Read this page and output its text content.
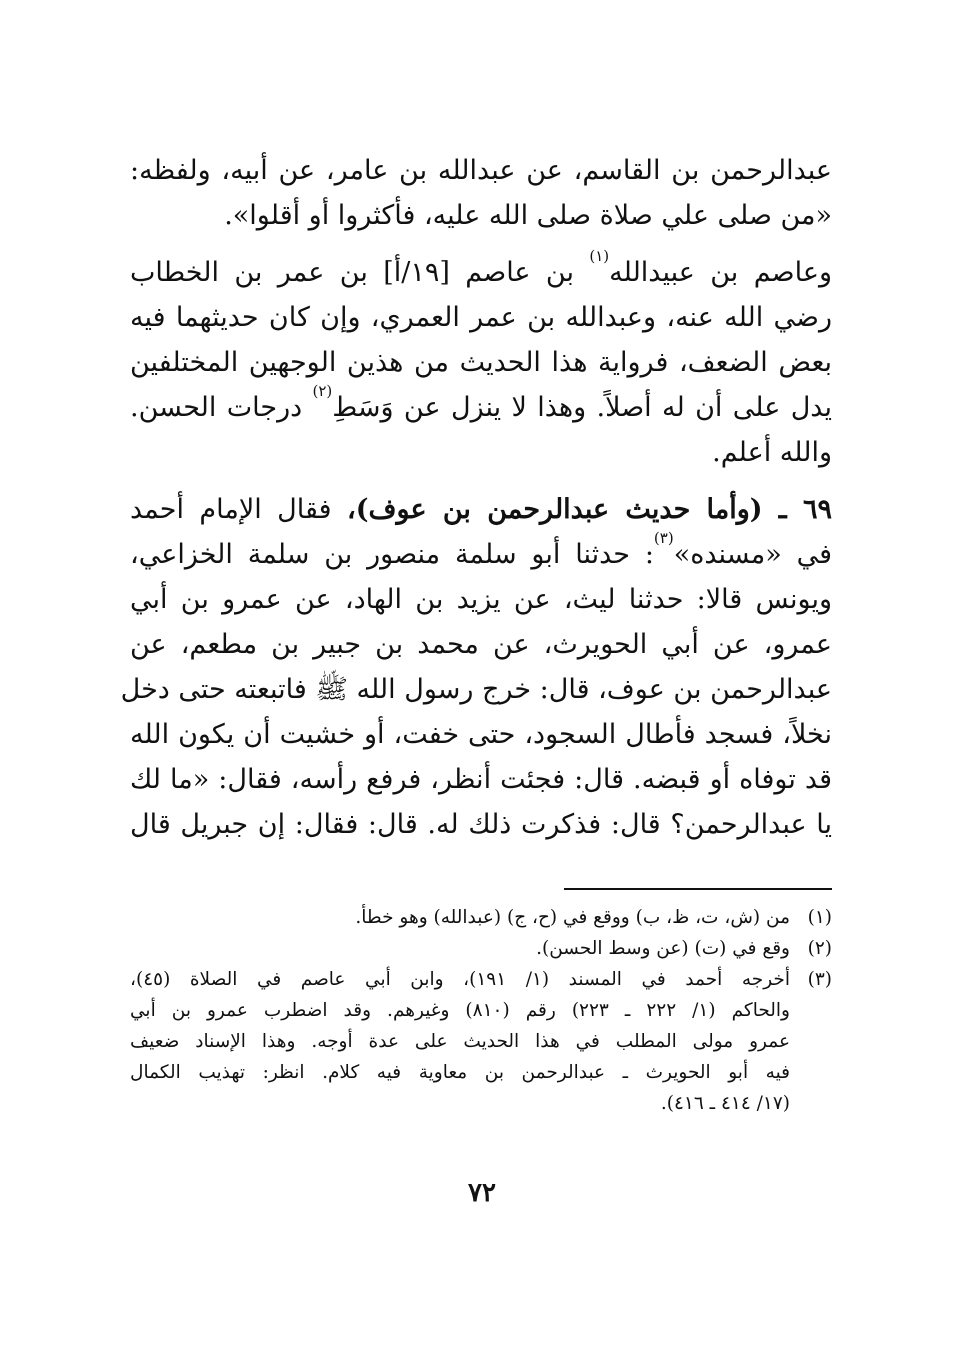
عبدالرحمن بن القاسم، عن عبدالله بن عامر، عن أبيه، ولفظه:
«من صلى علي صلاة صلى الله عليه، فأكثروا أو أقلوا».

وعاصم بن عبيدالله$^{(١)}$ بن عاصم [١٩/أ] بن عمر بن الخطاب
رضي الله عنه، وعبدالله بن عمر العمري، وإن كان حديثهما فيه
بعض الضعف، فرواية هذا الحديث من هذين الوجهين المختلفين
يدل على أن له أصلاً. وهذا لا ينزل عن وَسَطِ$^{(٢)}$ درجات الحسن.
والله أعلم.

٦٩ ـ (وأما حديث عبدالرحمن بن عوف)، فقال الإمام أحمد
في «مسنده»$^{(٣)}$: حدثنا أبو سلمة منصور بن سلمة الخزاعي،
ويونس قالا: حدثنا ليث، عن يزيد بن الهاد، عن عمرو بن أبي
عمرو، عن أبي الحويرث، عن محمد بن جبير بن مطعم، عن
عبدالرحمن بن عوف، قال: خرج رسول الله ﷺ فاتبعته حتى دخل
نخلاً، فسجد فأطال السجود، حتى خفت، أو خشيت أن يكون الله
قد توفاه أو قبضه. قال: فجئت أنظر، فرفع رأسه، فقال: «ما لك
يا عبدالرحمن؟ قال: فذكرت ذلك له. قال: فقال: إن جبريل قال

(١)
من (ش، ت، ظ، ب) ووقع في (ح، ج) (عبدالله) وهو خطأ.
(٢)
وقع في (ت) (عن وسط الحسن).
(٣)
أخرجه أحمد في المسند (١/ ١٩١)، وابن أبي عاصم في الصلاة (٤٥)،
والحاكم (١/ ٢٢٢ ـ ٢٢٣) رقم (٨١٠) وغيرهم. وقد اضطرب عمرو بن أبي
عمرو مولى المطلب في هذا الحديث على عدة أوجه. وهذا الإسناد ضعيف
فيه أبو الحويرث ـ عبدالرحمن بن معاوية فيه كلام. انظر: تهذيب الكمال
(١٧/ ٤١٤ ـ ٤١٦).
٧٢
